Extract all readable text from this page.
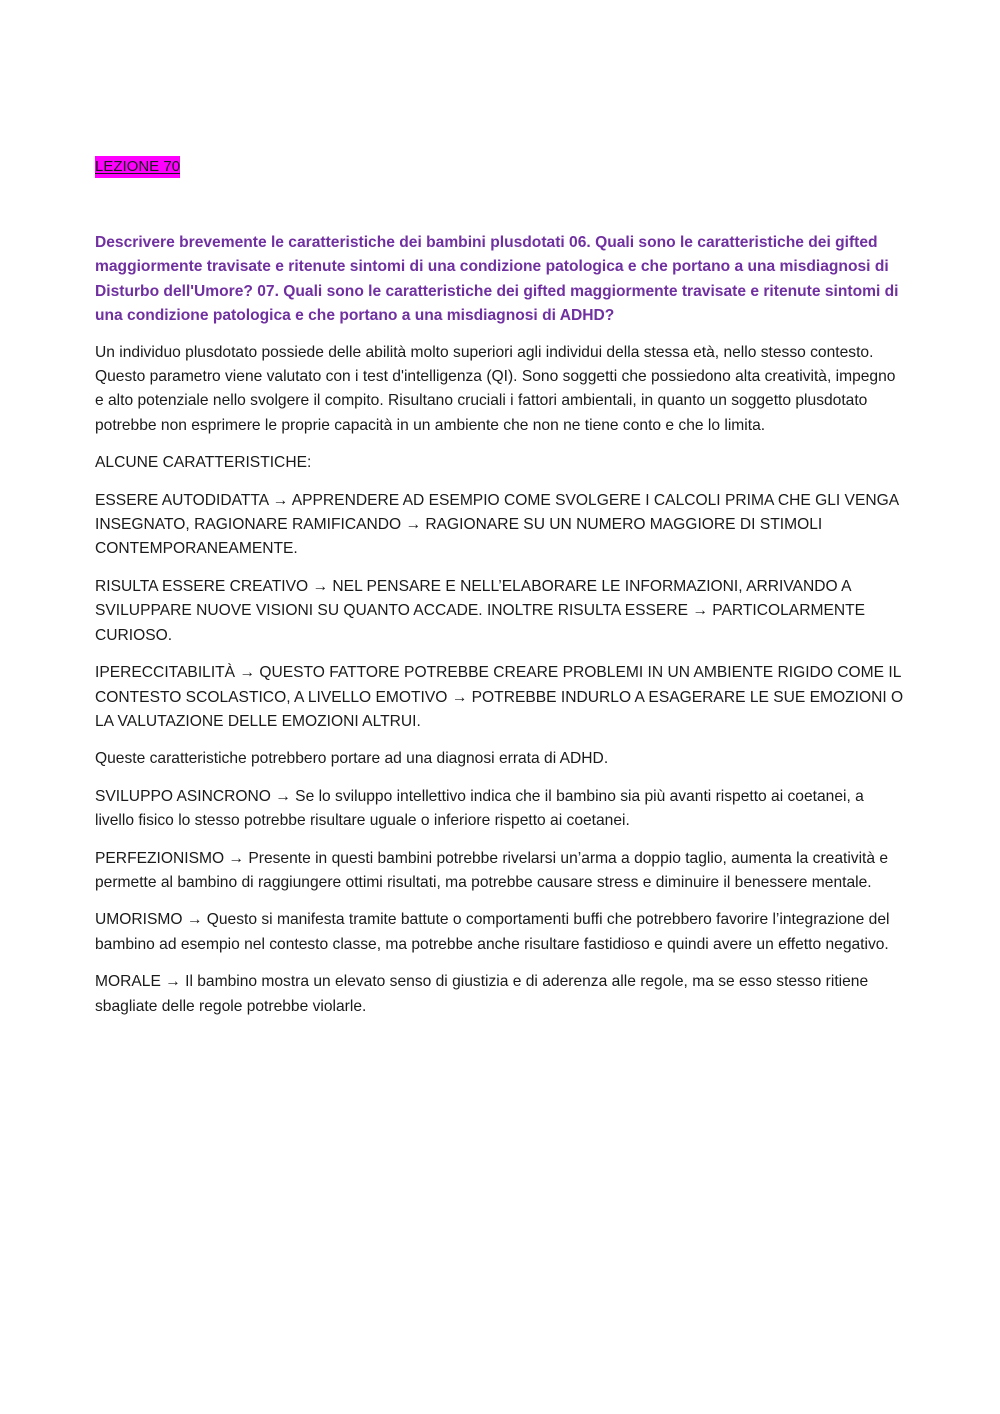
LEZIONE 70

Descrivere brevemente le caratteristiche dei bambini plusdotati 06. Quali sono le caratteristiche dei gifted maggiormente travisate e ritenute sintomi di una condizione patologica e che portano a una misdiagnosi di Disturbo dell'Umore? 07. Quali sono le caratteristiche dei gifted maggiormente travisate e ritenute sintomi di una condizione patologica e che portano a una misdiagnosi di ADHD?

Un individuo plusdotato possiede delle abilità molto superiori agli individui della stessa età, nello stesso contesto. Questo parametro viene valutato con i test d'intelligenza (QI). Sono soggetti che possiedono alta creatività, impegno e alto potenziale nello svolgere il compito. Risultano cruciali i fattori ambientali, in quanto un soggetto plusdotato potrebbe non esprimere le proprie capacità in un ambiente che non ne tiene conto e che lo limita.

ALCUNE CARATTERISTICHE:

ESSERE AUTODIDATTA → APPRENDERE AD ESEMPIO COME SVOLGERE I CALCOLI PRIMA CHE GLI VENGA INSEGNATO, RAGIONARE RAMIFICANDO → RAGIONARE SU UN NUMERO MAGGIORE DI STIMOLI CONTEMPORANEAMENTE.

RISULTA ESSERE CREATIVO → NEL PENSARE E NELL’ELABORARE LE INFORMAZIONI, ARRIVANDO A SVILUPPARE NUOVE VISIONI SU QUANTO ACCADE. INOLTRE RISULTA ESSERE → PARTICOLARMENTE CURIOSO.

IPERECCITABILITÀ → QUESTO FATTORE POTREBBE CREARE PROBLEMI IN UN AMBIENTE RIGIDO COME IL CONTESTO SCOLASTICO, A LIVELLO EMOTIVO → POTREBBE INDURLO A ESAGERARE LE SUE EMOZIONI O LA VALUTAZIONE DELLE EMOZIONI ALTRUI.

Queste caratteristiche potrebbero portare ad una diagnosi errata di ADHD.

SVILUPPO ASINCRONO → Se lo sviluppo intellettivo indica che il bambino sia più avanti rispetto ai coetanei, a livello fisico lo stesso potrebbe risultare uguale o inferiore rispetto ai coetanei.

PERFEZIONISMO → Presente in questi bambini potrebbe rivelarsi un’arma a doppio taglio, aumenta la creatività e permette al bambino di raggiungere ottimi risultati, ma potrebbe causare stress e diminuire il benessere mentale.

UMORISMO → Questo si manifesta tramite battute o comportamenti buffi che potrebbero favorire l’integrazione del bambino ad esempio nel contesto classe, ma potrebbe anche risultare fastidioso e quindi avere un effetto negativo.

MORALE → Il bambino mostra un elevato senso di giustizia e di aderenza alle regole, ma se esso stesso ritiene sbagliate delle regole potrebbe violarle.
